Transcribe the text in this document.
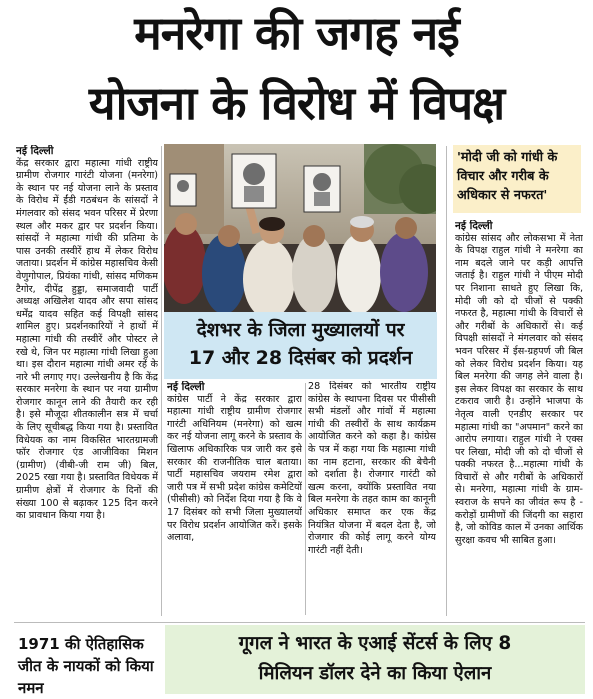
मनरेगा की जगह नई
योजना के विरोध में विपक्ष
नई दिल्ली
केंद्र सरकार द्वारा महात्मा गांधी राष्ट्रीय ग्रामीण रोजगार गारंटी योजना (मनरेगा) के स्थान पर नई योजना लाने के प्रस्ताव के विरोध में ईंडी गठबंधन के सांसदों ने मंगलवार को संसद भवन परिसर में प्रेरणा स्थल और मकर द्वार पर प्रदर्शन किया। सांसदों ने महात्मा गांधी की प्रतिमा के पास उनकी तस्वीरें हाथ में लेकर विरोध जताया। प्रदर्शन में कांग्रेस महासचिव केसी वेणुगोपाल, प्रियंका गांधी, सांसद मणिकम टैगोर, दीपेंद्र हुड्डा, समाजवादी पार्टी अध्यक्ष अखिलेश यादव और सपा सांसद धर्मेंद्र यादव सहित कई विपक्षी सांसद शामिल हुए। प्रदर्शनकारियों ने हाथों में महात्मा गांधी की तस्वीरें और पोस्टर ले रखे थे, जिन पर महात्मा गांधी लिखा हुआ था। इस दौरान महात्मा गांधी अमर रहें के नारे भी लगाए गए। उल्लेखनीय है कि केंद्र सरकार मनरेगा के स्थान पर नया ग्रामीण रोजगार कानून लाने की तैयारी कर रही है। इसे मौजूदा शीतकालीन सत्र में चर्चा के लिए सूचीबद्ध किया गया है। प्रस्तावित विधेयक का नाम विकसित भारतग्रामजी फॉर रोजगार एंड आजीविका मिशन (ग्रामीण) (वीबी-जी राम जी) बिल, 2025 रखा गया है। प्रस्तावित विधेयक में ग्रामीण क्षेत्रों में रोजगार के दिनों की संख्या 100 से बढ़ाकर 125 दिन करने का प्रावधान किया गया है।
देशभर के जिला मुख्यालयों पर
17 और 28 दिसंबर को प्रदर्शन
नई दिल्ली
कांग्रेस पार्टी ने केंद्र सरकार द्वारा महात्मा गांधी राष्ट्रीय ग्रामीण रोजगार गारंटी अधिनियम (मनरेगा) को खत्म कर नई योजना लागू करने के प्रस्ताव के खिलाफ अधिकारिक पत्र जारी कर इसे सरकार की राजनीतिक चाल बताया। पार्टी महासचिव जयराम रमेश द्वारा जारी पत्र में सभी प्रदेश कांग्रेस कमेटियों (पीसीसी) को निर्देश दिया गया है कि वे 17 दिसंबर को सभी जिला मुख्यालयों पर विरोध प्रदर्शन आयोजित करें। इसके अलावा,
28 दिसंबर को भारतीय राष्ट्रीय कांग्रेस के स्थापना दिवस पर पीसीसी सभी मंडलों और गांवों में महात्मा गांधी की तस्वीरों के साथ कार्यक्रम आयोजित करने को कहा है। कांग्रेस के पत्र में कहा गया कि महात्मा गांधी का नाम हटाना, सरकार की बेचैनी को दर्शाता है। रोजगार गारंटी को खत्म करना, क्योंकि प्रस्तावित नया बिल मनरेगा के तहत काम का कानूनी अधिकार समाप्त कर एक केंद्र नियंत्रित योजना में बदल देता है, जो रोजगार की कोई लागू करने योग्य गारंटी नहीं देती।
'मोदी जी को गांधी के विचार और गरीब के अधिकार से नफरत'
नई दिल्ली
कांग्रेस सांसद और लोकसभा में नेता के विपक्ष राहुल गांधी ने मनरेगा का नाम बदले जाने पर कड़ी आपत्ति जताई है। राहुल गांधी ने पीएम मोदी पर निशाना साधते हुए लिखा कि, मोदी जी को दो चीजों से पक्की नफरत है, महात्मा गांधी के विचारों से और गरीबों के अधिकारों से। कई विपक्षी सांसदों ने मंगलवार को संसद भवन परिसर में ईस-ग्रहपर्ण जी बिल को लेकर विरोध प्रदर्शन किया। यह बिल मनरेगा की जगह लेने वाला है। इस लेकर विपक्ष का सरकार के साथ टकराव जारी है। उन्होंने भाजपा के नेतृत्व वाली एनडीए सरकार पर महात्मा गांधी का "अपमान" करने का आरोप लगाया। राहुल गांधी ने एक्स पर लिखा, मोदी जी को दो चीजों से पक्की नफरत है...महात्मा गांधी के विचारों से और गरीबों के अधिकारों से। मनरेगा, महात्मा गांधी के ग्राम-स्वराज के सपने का जीवंत रूप है - करोड़ों ग्रामीणों की जिंदगी का सहारा है, जो कोविड काल में उनका आर्थिक सुरक्षा कवच भी साबित हुआ।
1971 की ऐतिहासिक जीत के नायकों को किया नमन
गूगल ने भारत के एआई सेंटर्स के लिए 8
मिलियन डॉलर देने का किया ऐलान
